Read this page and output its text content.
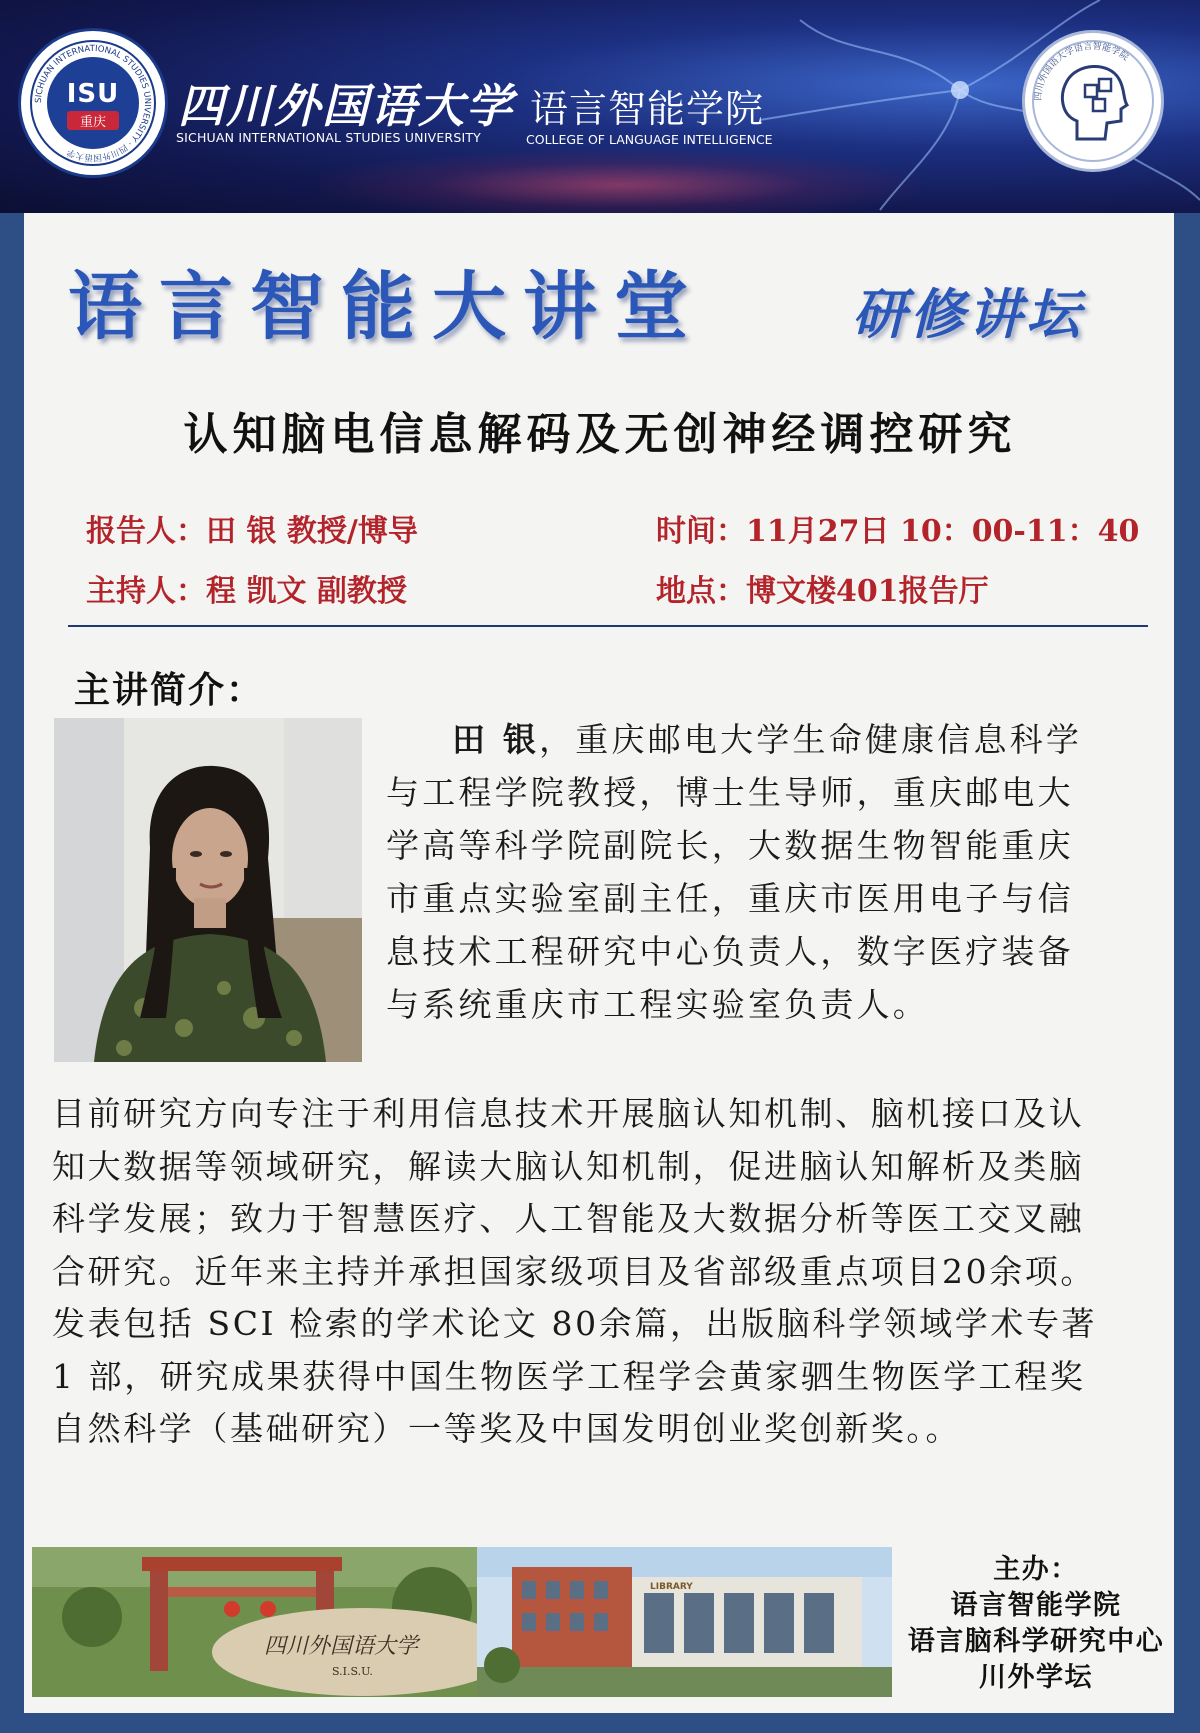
SICHUAN INTERNATIONAL STUDIES UNIVERSITY · 四川外国语大学
ISU
重庆 四川外国语大学
SICHUAN INTERNATIONAL STUDIES UNIVERSITY
语言智能学院
COLLEGE OF LANGUAGE INTELLIGENCE
四川外国语大学语言智能学院
语言智能大讲堂	研修讲坛
认知脑电信息解码及无创神经调控研究
报告人：田 银 教授/博导	时间：11月27日 10：00-11：40
主持人：程 凯文 副教授	地点：博文楼401报告厅
主讲简介：
田 银，重庆邮电大学生命健康信息科学与工程学院教授，博士生导师，重庆邮电大学高等科学院副院长，大数据生物智能重庆市重点实验室副主任，重庆市医用电子与信息技术工程研究中心负责人，数字医疗装备与系统重庆市工程实验室负责人。
目前研究方向专注于利用信息技术开展脑认知机制、脑机接口及认知大数据等领域研究，解读大脑认知机制，促进脑认知解析及类脑科学发展；致力于智慧医疗、人工智能及大数据分析等医工交叉融合研究。近年来主持并承担国家级项目及省部级重点项目20余项。发表包括 SCI 检索的学术论文 80余篇，出版脑科学领域学术专著 1 部，研究成果获得中国生物医学工程学会黄家驷生物医学工程奖自然科学（基础研究）一等奖及中国发明创业奖创新奖。。
四川外国语大学
S.I.S.U.
LIBRARY
主办：
语言智能学院
语言脑科学研究中心
川外学坛
